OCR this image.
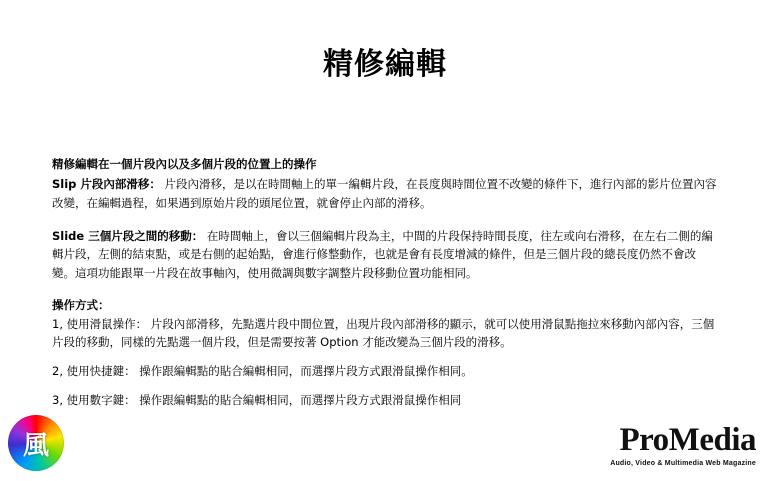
精修編輯
精修編輯在一個片段內以及多個片段的位置上的操作
Slip 片段內部滑移： 片段內滑移，是以在時間軸上的單一編輯片段，在長度與時間位置不改變的條件下，進行內部的影片位置內容改變，在編輯過程，如果遇到原始片段的頭尾位置，就會停止內部的滑移。
Slide 三個片段之間的移動： 在時間軸上，會以三個編輯片段為主，中間的片段保持時間長度，往左或向右滑移，在左右二側的編輯片段，左側的結束點，或是右側的起始點，會進行修整動作，也就是會有長度增減的條件，但是三個片段的總長度仍然不會改變。這項功能跟單一片段在故事軸內，使用微調與數字調整片段移動位置功能相同。
操作方式：
1, 使用滑鼠操作： 片段內部滑移，先點選片段中間位置，出現片段內部滑移的顯示，就可以使用滑鼠點拖拉來移動內部內容，三個片段的移動，同樣的先點選一個片段，但是需要按著 Option 才能改變為三個片段的滑移。
2, 使用快捷鍵： 操作跟編輯點的貼合編輯相同，而選擇片段方式跟滑鼠操作相同。
3, 使用數字鍵： 操作跟編輯點的貼合編輯相同，而選擇片段方式跟滑鼠操作相同
風	ProMedia
Audio, Video & Multimedia Web Magazine
